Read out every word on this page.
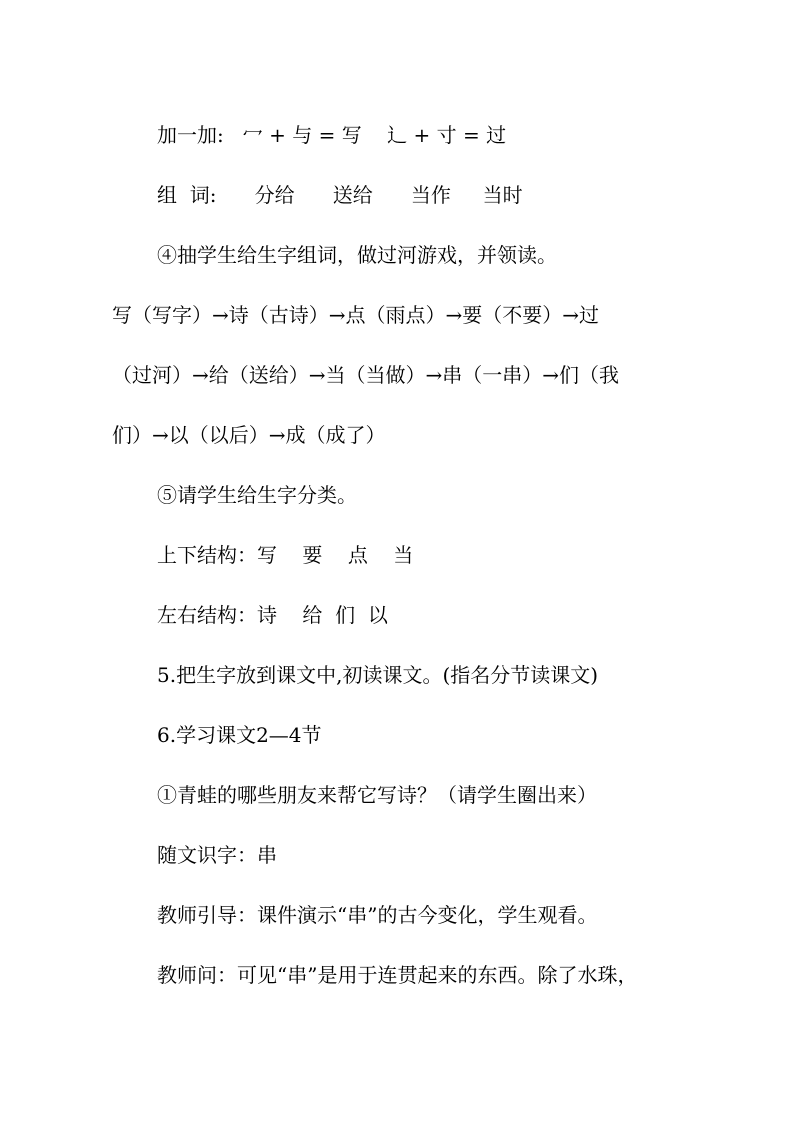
加一加:   冖 + 与 = 写    辶 + 寸 = 过
组  词:      分给      送给      当作     当时
④抽学生给生字组词，做过河游戏，并领读。
写（写字）→诗（古诗）→点（雨点）→要（不要）→过
（过河）→给（送给）→当（当做）→串（一串）→们（我
们）→以（以后）→成（成了）
⑤请学生给生字分类。
上下结构：写    要    点    当
左右结构：诗    给  们  以
5.把生字放到课文中,初读课文。(指名分节读课文)
6.学习课文2—4节
①青蛙的哪些朋友来帮它写诗？（请学生圈出来）
随文识字：串
教师引导：课件演示“串”的古今变化，学生观看。
教师问：可见“串”是用于连贯起来的东西。除了水珠，
